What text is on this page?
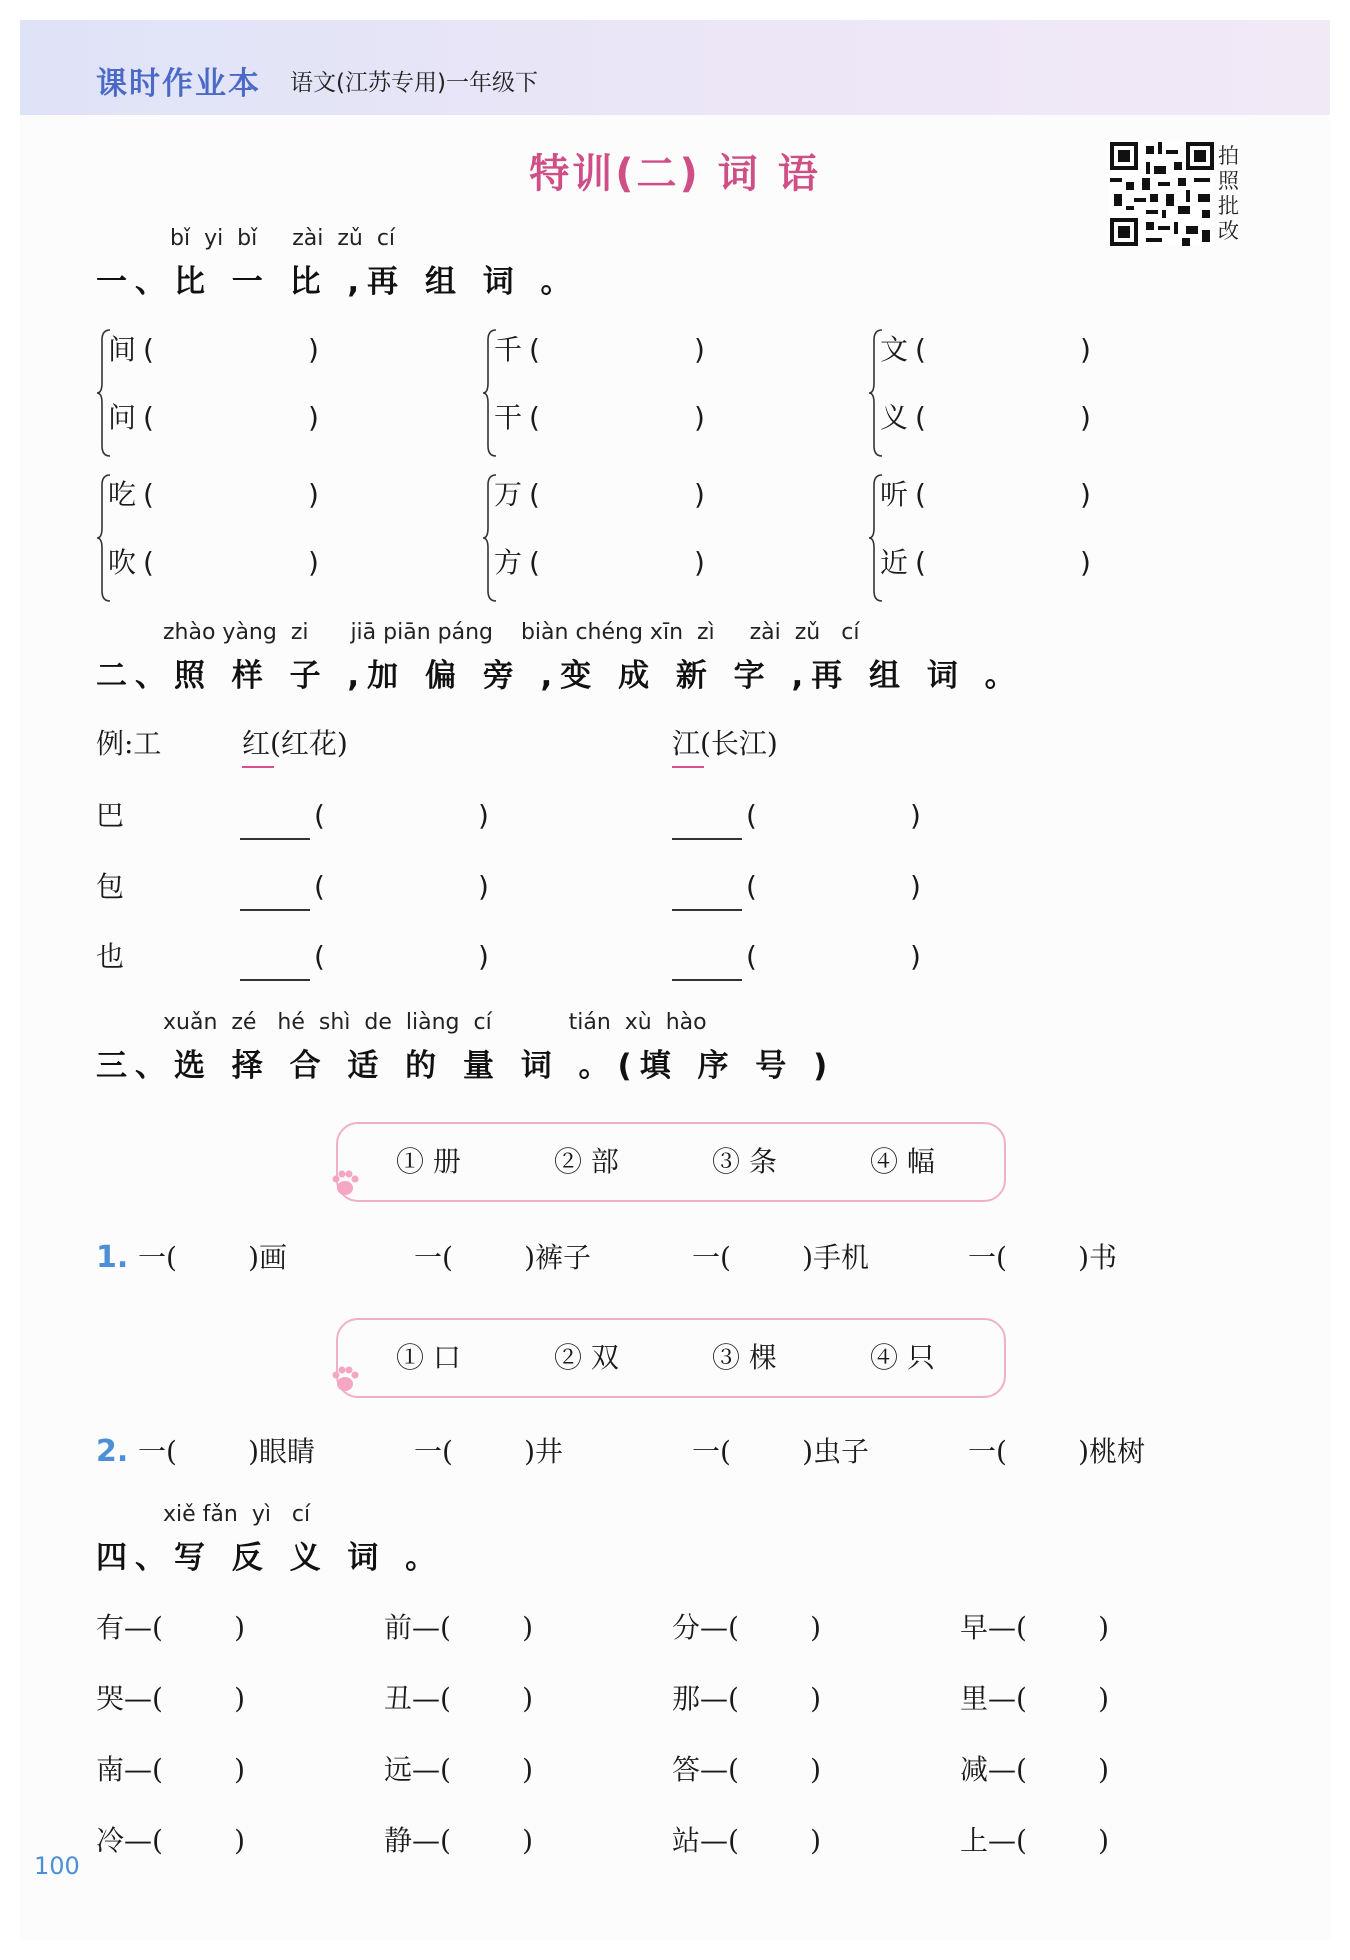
课时作业本 语文(江苏专用)一年级下
特训(二) 词 语	拍照批改
bǐ  yi  bǐ     zài  zǔ  cí
一、比 一 比 ,再 组 词 。
间 (	)
问 (	)
千 (	)
干 (	)
文 (	)
义 (	)
吃 (	)
吹 (	)
万 (	)
方 (	)
听 (	)
近 (	)
zhào yàng  zi      jiā piān páng    biàn chéng xīn  zì     zài  zǔ   cí
二、照 样 子 ,加 偏 旁 ,变 成 新 字 ,再 组 词 。
例:工	红(红花)	江(长江)
巴	(	)	(	)
包	(	)	(	)
也	(	)	(	)
xuǎn  zé   hé  shì  de  liàng  cí           tián  xù  hào
三、选 择 合 适 的 量 词 。(填 序 号 )
① 册	② 部	③ 条	④ 幅
1. 一(        )画	一(        )裤子	一(        )手机	一(        )书
① 口	② 双	③ 棵	④ 只
2. 一(        )眼睛	一(        )井	一(        )虫子	一(        )桃树
xiě fǎn  yì   cí
四、写 反 义 词 。
有—(        )	前—(        )	分—(        )	早—(        )
哭—(        )	丑—(        )	那—(        )	里—(        )
南—(        )	远—(        )	答—(        )	减—(        )
冷—(        )	静—(        )	站—(        )	上—(        )
100
